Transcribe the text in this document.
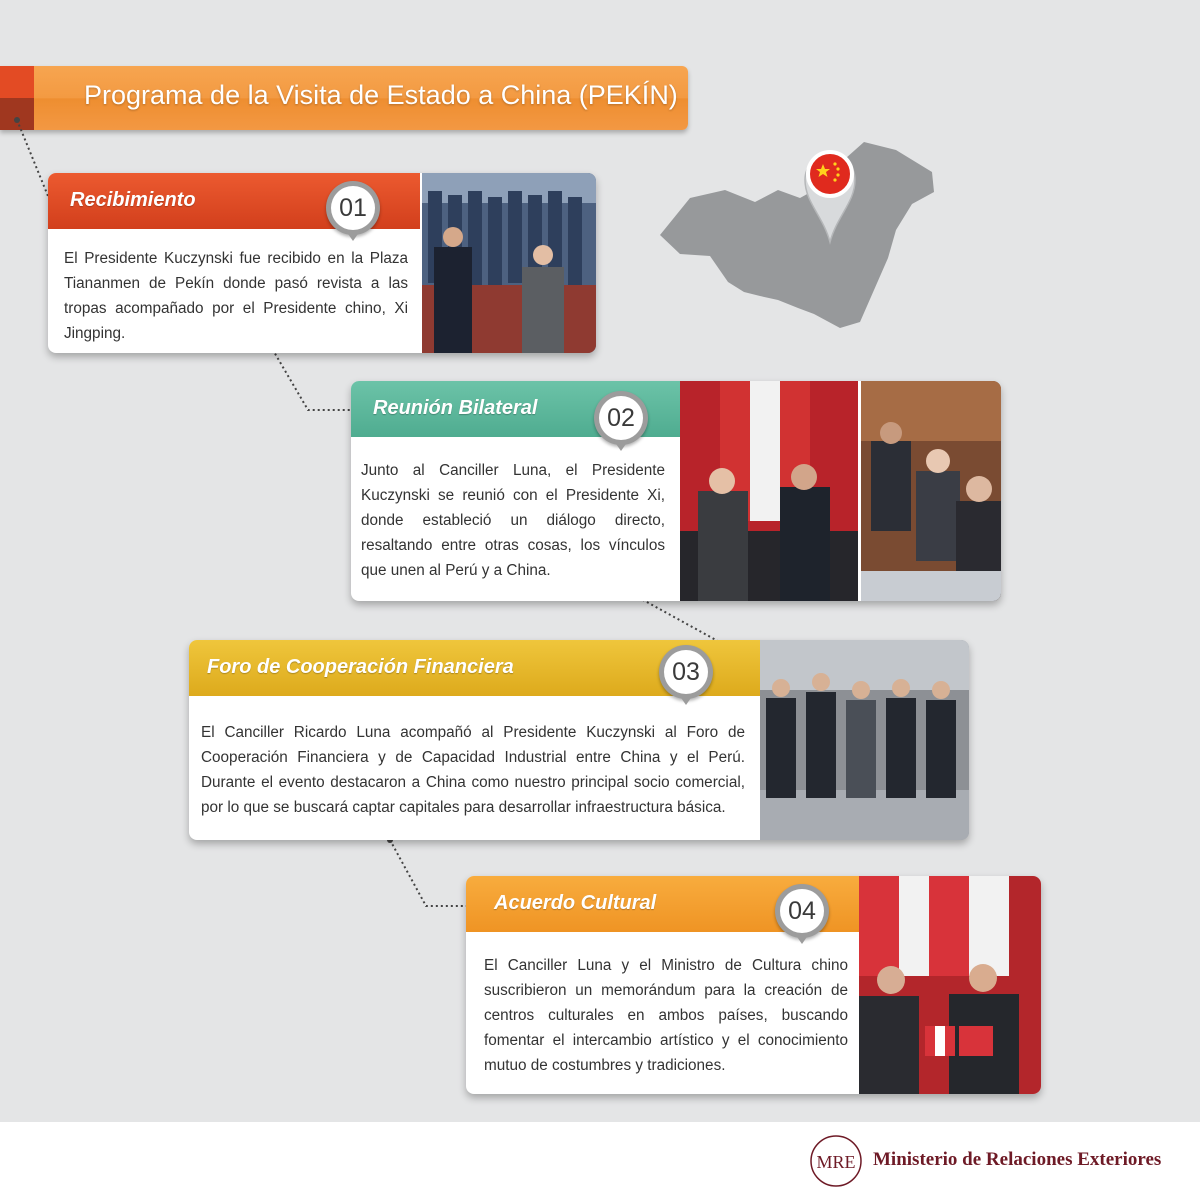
Programa de la Visita de Estado a China (PEKÍN)
Recibimiento
El Presidente Kuczynski fue recibido en la Plaza Tiananmen de Pekín donde pasó revista a las tropas acompañado por el Presidente chino, Xi Jingping.
01
Reunión Bilateral
Junto al Canciller Luna, el Presidente Kuczynski se reunió con el Presidente Xi, donde estableció un diálogo directo, resaltando entre otras cosas, los vínculos que unen al Perú y a China.
02
Foro de Cooperación Financiera
El Canciller Ricardo Luna acompañó al Presidente Kuczynski al Foro de Cooperación Financiera y de Capacidad Industrial entre China y el Perú. Durante el evento destacaron a China como nuestro principal socio comercial, por lo que se buscará captar capitales para desarrollar infraestructura básica.
03
Acuerdo Cultural
El Canciller Luna y el Ministro de Cultura chino suscribieron un memorándum para la creación de centros culturales en ambos países, buscando fomentar el intercambio artístico y el conocimiento mutuo de costumbres y tradiciones.
04
MRE Ministerio de Relaciones Exteriores
